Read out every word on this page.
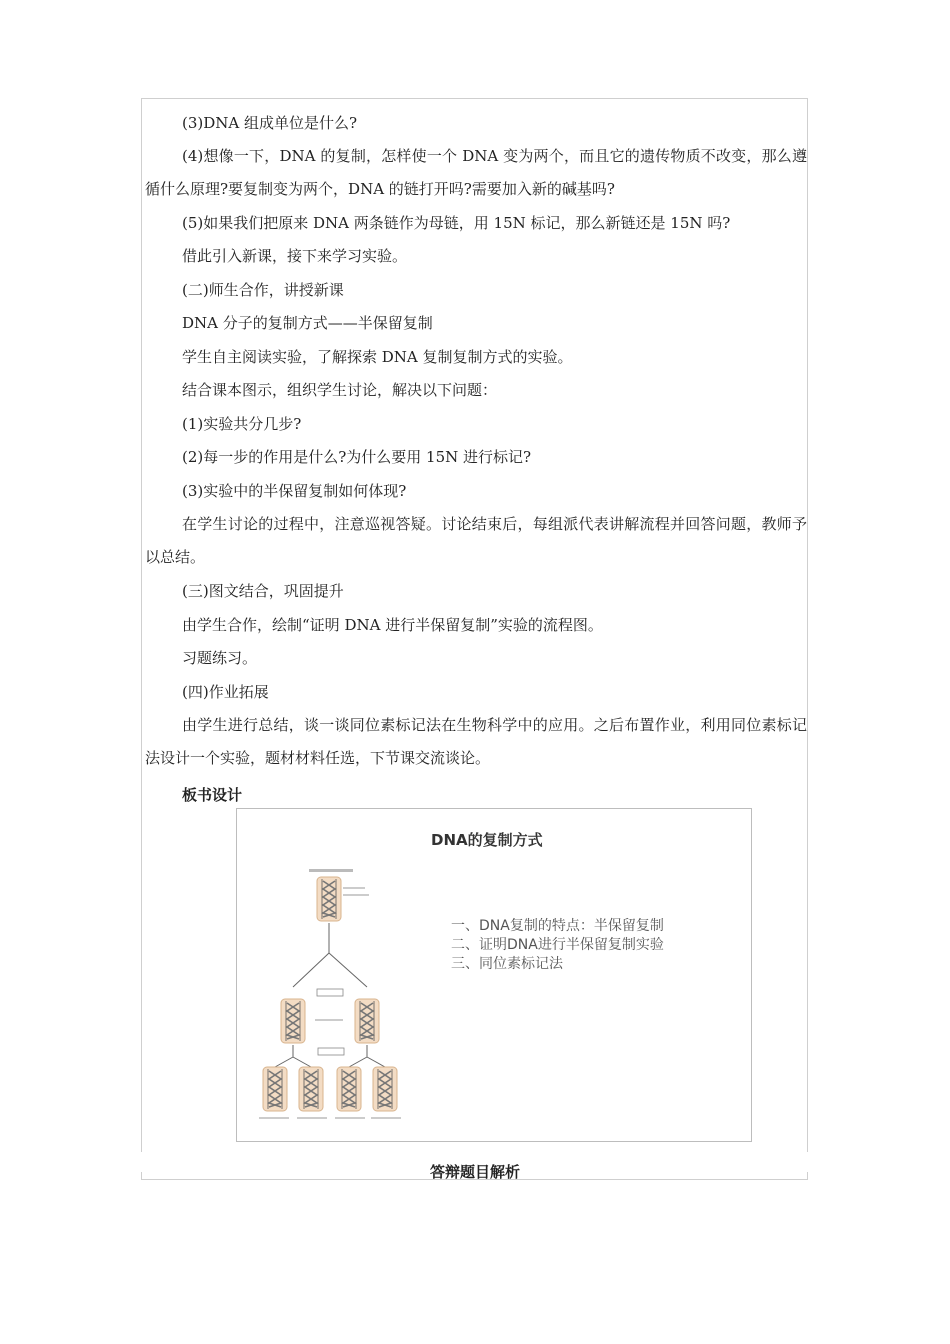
(3)DNA 组成单位是什么?

(4)想像一下，DNA 的复制，怎样使一个 DNA 变为两个，而且它的遗传物质不改变，那么遵循什么原理?要复制变为两个，DNA 的链打开吗?需要加入新的碱基吗?

(5)如果我们把原来 DNA 两条链作为母链，用 15N 标记，那么新链还是 15N 吗?

借此引入新课，接下来学习实验。

(二)师生合作，讲授新课

DNA 分子的复制方式——半保留复制

学生自主阅读实验，了解探索 DNA 复制复制方式的实验。

结合课本图示，组织学生讨论，解决以下问题：

(1)实验共分几步?

(2)每一步的作用是什么?为什么要用 15N 进行标记?

(3)实验中的半保留复制如何体现?

在学生讨论的过程中，注意巡视答疑。讨论结束后，每组派代表讲解流程并回答问题，教师予以总结。

(三)图文结合，巩固提升

由学生合作，绘制“证明 DNA 进行半保留复制”实验的流程图。

习题练习。

(四)作业拓展

由学生进行总结，谈一谈同位素标记法在生物科学中的应用。之后布置作业，利用同位素标记法设计一个实验，题材材料任选，下节课交流谈论。

板书设计
DNA的复制方式
一、DNA复制的特点：半保留复制
二、证明DNA进行半保留复制实验
三、同位素标记法
答辩题目解析
